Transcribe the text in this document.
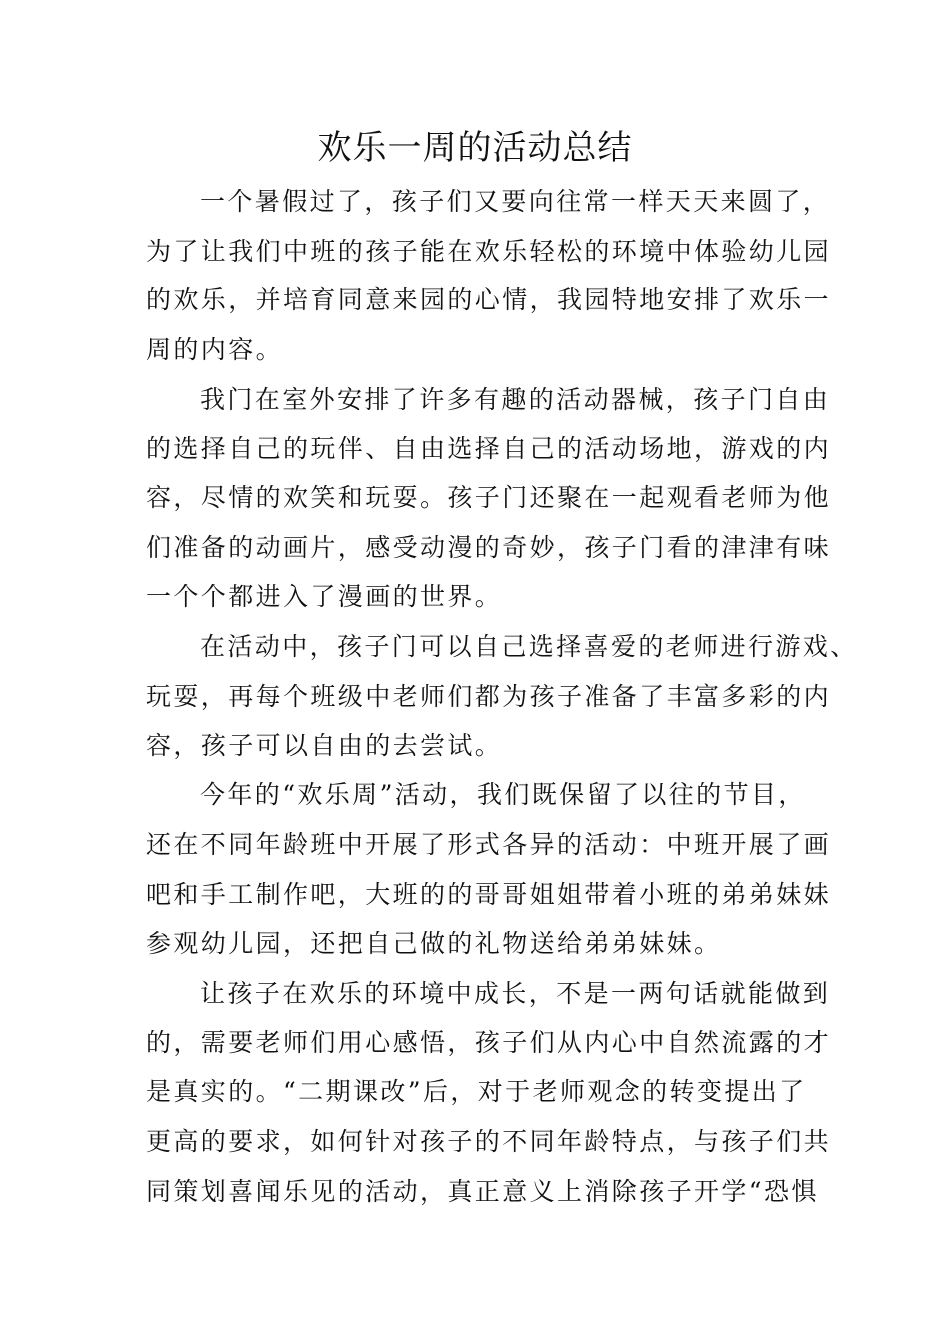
欢乐一周的活动总结

一个暑假过了，孩子们又要向往常一样天天来圆了，

为了让我们中班的孩子能在欢乐轻松的环境中体验幼儿园

的欢乐，并培育同意来园的心情，我园特地安排了欢乐一

周的内容。

我门在室外安排了许多有趣的活动器械，孩子门自由

的选择自己的玩伴、自由选择自己的活动场地，游戏的内

容，尽情的欢笑和玩耍。孩子门还聚在一起观看老师为他

们准备的动画片，感受动漫的奇妙，孩子门看的津津有味

一个个都进入了漫画的世界。

在活动中，孩子门可以自己选择喜爱的老师进行游戏、

玩耍，再每个班级中老师们都为孩子准备了丰富多彩的内

容，孩子可以自由的去尝试。

今年的“欢乐周”活动，我们既保留了以往的节目，

还在不同年龄班中开展了形式各异的活动：中班开展了画

吧和手工制作吧，大班的的哥哥姐姐带着小班的弟弟妹妹

参观幼儿园，还把自己做的礼物送给弟弟妹妹。

让孩子在欢乐的环境中成长，不是一两句话就能做到

的，需要老师们用心感悟，孩子们从内心中自然流露的才

是真实的。“二期课改”后，对于老师观念的转变提出了

更高的要求，如何针对孩子的不同年龄特点，与孩子们共

同策划喜闻乐见的活动，真正意义上消除孩子开学“恐惧
